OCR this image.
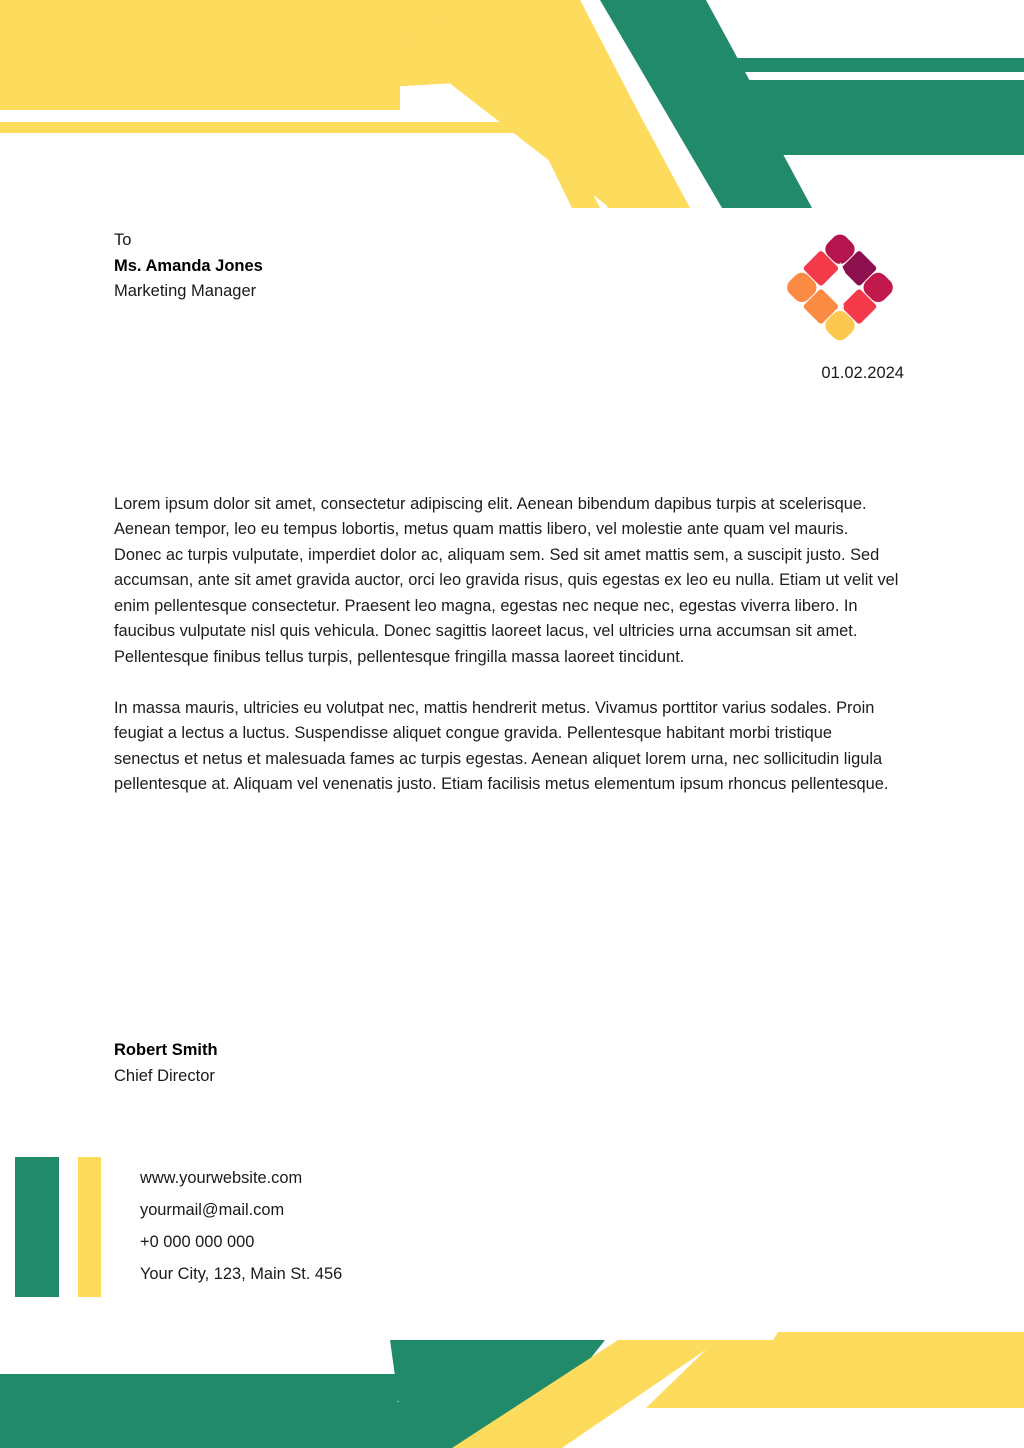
To
Ms. Amanda Jones
Marketing Manager
01.02.2024

Lorem ipsum dolor sit amet, consectetur adipiscing elit. Aenean bibendum dapibus turpis at scelerisque. Aenean tempor, leo eu tempus lobortis, metus quam mattis libero, vel molestie ante quam vel mauris. Donec ac turpis vulputate, imperdiet dolor ac, aliquam sem. Sed sit amet mattis sem, a suscipit justo. Sed accumsan, ante sit amet gravida auctor, orci leo gravida risus, quis egestas ex leo eu nulla. Etiam ut velit vel enim pellentesque consectetur. Praesent leo magna, egestas nec neque nec, egestas viverra libero. In faucibus vulputate nisl quis vehicula. Donec sagittis laoreet lacus, vel ultricies urna accumsan sit amet. Pellentesque finibus tellus turpis, pellentesque fringilla massa laoreet tincidunt.

In massa mauris, ultricies eu volutpat nec, mattis hendrerit metus. Vivamus porttitor varius sodales. Proin feugiat a lectus a luctus. Suspendisse aliquet congue gravida. Pellentesque habitant morbi tristique senectus et netus et malesuada fames ac turpis egestas. Aenean aliquet lorem urna, nec sollicitudin ligula pellentesque at. Aliquam vel venenatis justo. Etiam facilisis metus elementum ipsum rhoncus pellentesque.

Robert Smith
Chief Director
www.yourwebsite.com
yourmail@mail.com
+0 000 000 000
Your City, 123, Main St. 456
